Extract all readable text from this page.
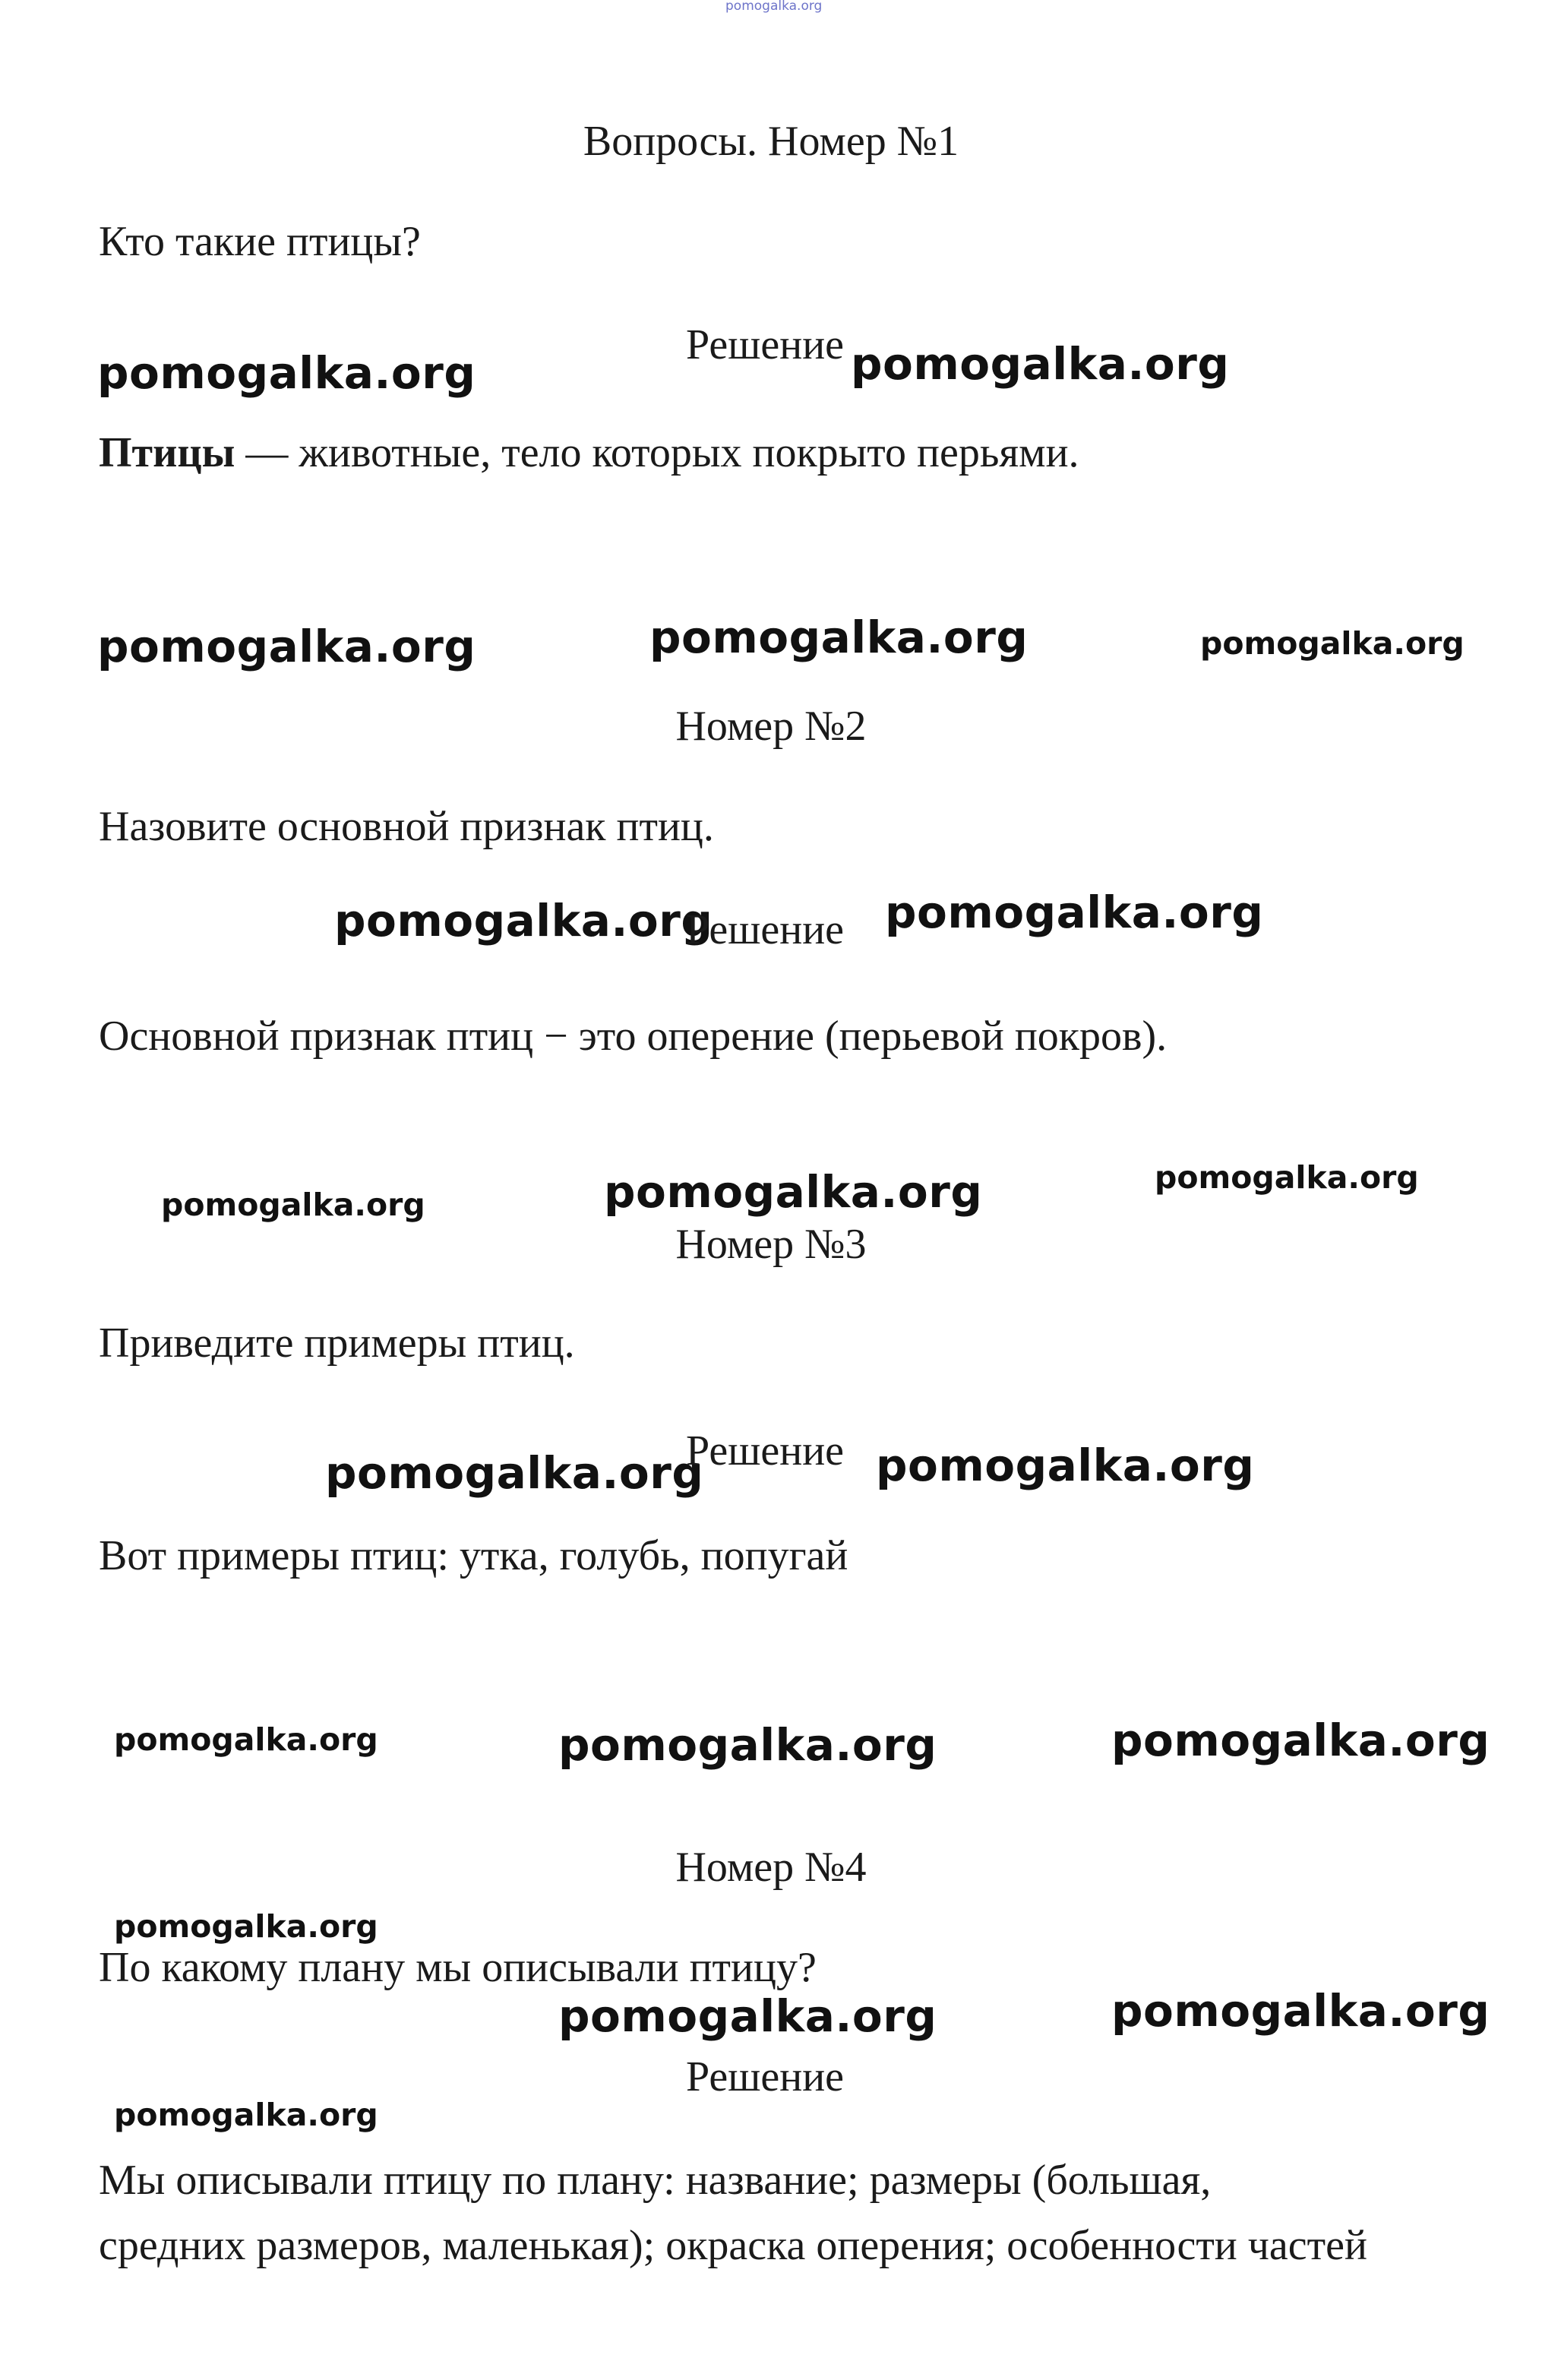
pomogalka.org
Вопросы. Номер №1
Кто такие птицы?
pomogalka.org
Решение pomogalka.org
Птицы — животные, тело которых покрыто перьями.
pomogalka.org	pomogalka.org	pomogalka.org
Номер №2
Назовите основной признак птиц.
pomogalka.org
Решение pomogalka.org
Основной признак птиц − это оперение (перьевой покров).
pomogalka.org	pomogalka.org	pomogalka.org
Номер №3
Приведите примеры птиц.
pomogalka.org
Решение pomogalka.org
Вот примеры птиц: утка, голубь, попугай
pomogalka.org	pomogalka.org	pomogalka.org
Номер №4
pomogalka.org
По какому плану мы описывали птицу?
pomogalka.org	pomogalka.org
Решение
pomogalka.org
Мы описывали птицу по плану: название; размеры (большая,
средних размеров, маленькая); окраска оперения; особенности частей
